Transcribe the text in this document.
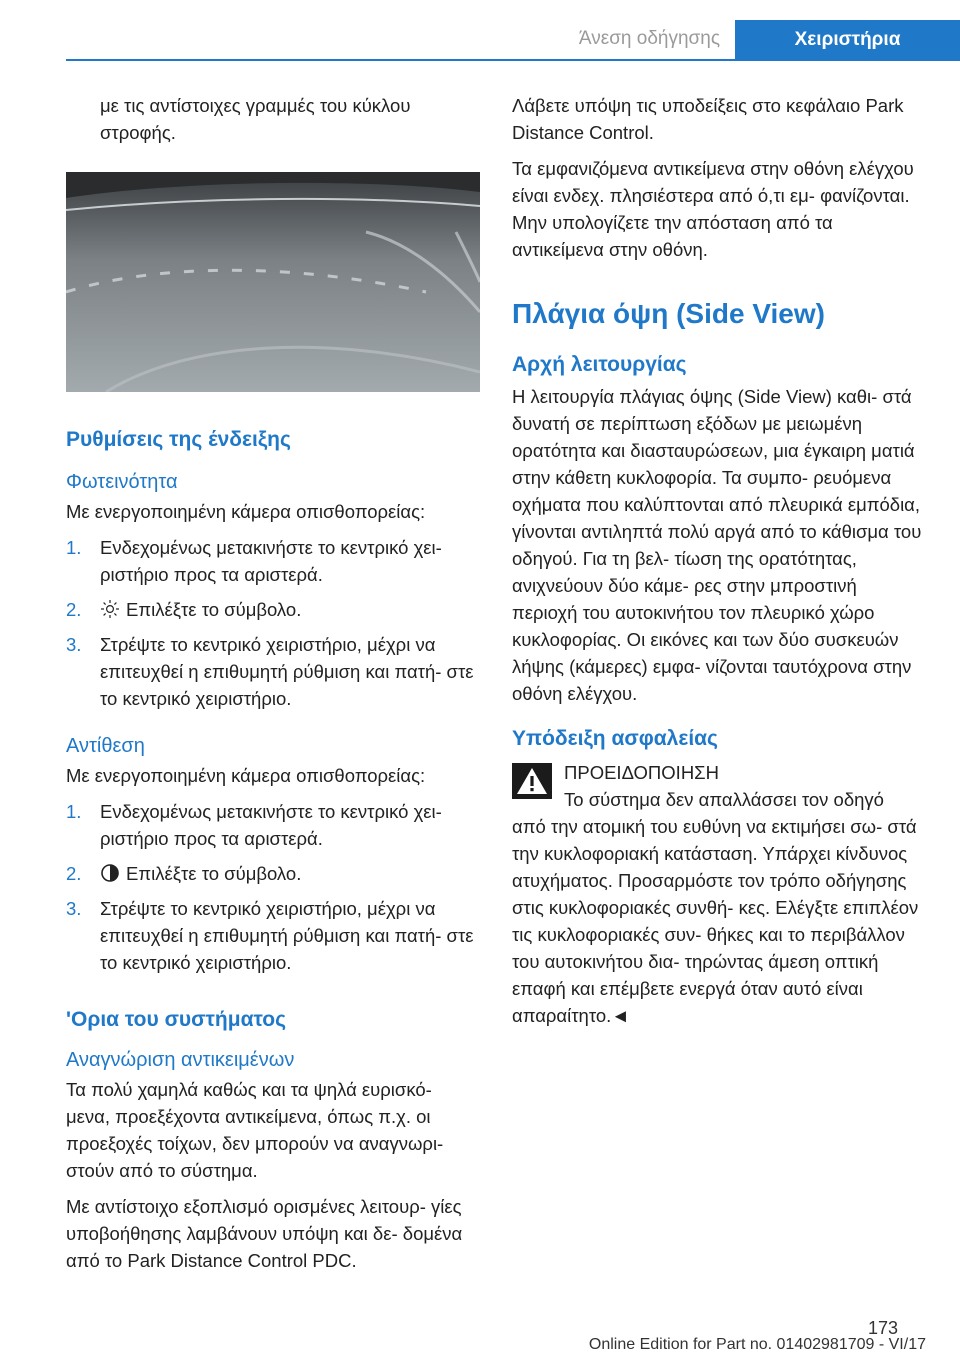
Άνεση οδήγησης	Χειριστήρια

με τις αντίστοιχες γραμμές του κύκλου στροφής.

Ρυθμίσεις της ένδειξης
Φωτεινότητα

Με ενεργοποιημένη κάμερα οπισθοπορείας:

1. Ενδεχομένως μετακινήστε το κεντρικό χει‐ ριστήριο προς τα αριστερά.
2. Επιλέξτε το σύμβολο.
3. Στρέψτε το κεντρικό χειριστήριο, μέχρι να επιτευχθεί η επιθυμητή ρύθμιση και πατή‐ στε το κεντρικό χειριστήριο.
Αντίθεση

Με ενεργοποιημένη κάμερα οπισθοπορείας:

1. Ενδεχομένως μετακινήστε το κεντρικό χει‐ ριστήριο προς τα αριστερά.
2. Επιλέξτε το σύμβολο.
3. Στρέψτε το κεντρικό χειριστήριο, μέχρι να επιτευχθεί η επιθυμητή ρύθμιση και πατή‐ στε το κεντρικό χειριστήριο.
'Ορια του συστήματος
Αναγνώριση αντικειμένων

Τα πολύ χαμηλά καθώς και τα ψηλά ευρισκό‐ μενα, προεξέχοντα αντικείμενα, όπως π.χ. οι προεξοχές τοίχων, δεν μπορούν να αναγνωρι‐ στούν από το σύστημα.

Με αντίστοιχο εξοπλισμό ορισμένες λειτουρ‐ γίες υποβοήθησης λαμβάνουν υπόψη και δε‐ δομένα από το Park Distance Control PDC.

Λάβετε υπόψη τις υποδείξεις στο κεφάλαιο Park Distance Control.

Τα εμφανιζόμενα αντικείμενα στην οθόνη ελέγχου είναι ενδεχ. πλησιέστερα από ό,τι εμ‐ φανίζονται. Μην υπολογίζετε την απόσταση από τα αντικείμενα στην οθόνη.

Πλάγια όψη (Side View)
Αρχή λειτουργίας

Η λειτουργία πλάγιας όψης (Side View) καθι‐ στά δυνατή σε περίπτωση εξόδων με μειωμένη ορατότητα και διασταυρώσεων, μια έγκαιρη ματιά στην κάθετη κυκλοφορία. Τα συμπο‐ ρευόμενα οχήματα που καλύπτονται από πλευρικά εμπόδια, γίνονται αντιληπτά πολύ αργά από το κάθισμα του οδηγού. Για τη βελ‐ τίωση της ορατότητας, ανιχνεύουν δύο κάμε‐ ρες στην μπροστινή περιοχή του αυτοκινήτου τον πλευρικό χώρο κυκλοφορίας. Οι εικόνες και των δύο συσκευών λήψης (κάμερες) εμφα‐ νίζονται ταυτόχρονα στην οθόνη ελέγχου.

Υπόδειξη ασφαλείας
ΠΡΟΕΙΔΟΠΟΙΗΣΗ
Το σύστημα δεν απαλλάσσει τον οδηγό
από την ατομική του ευθύνη να εκτιμήσει σω‐ στά την κυκλοφοριακή κατάσταση. Υπάρχει κίνδυνος ατυχήματος. Προσαρμόστε τον τρόπο οδήγησης στις κυκλοφοριακές συνθή‐ κες. Ελέγξτε επιπλέον τις κυκλοφοριακές συν‐ θήκες και το περιβάλλον του αυτοκινήτου δια‐ τηρώντας άμεση οπτική επαφή και επέμβετε ενεργά όταν αυτό είναι απαραίτητο.◄
173
Online Edition for Part no. 01402981709 - VI/17
